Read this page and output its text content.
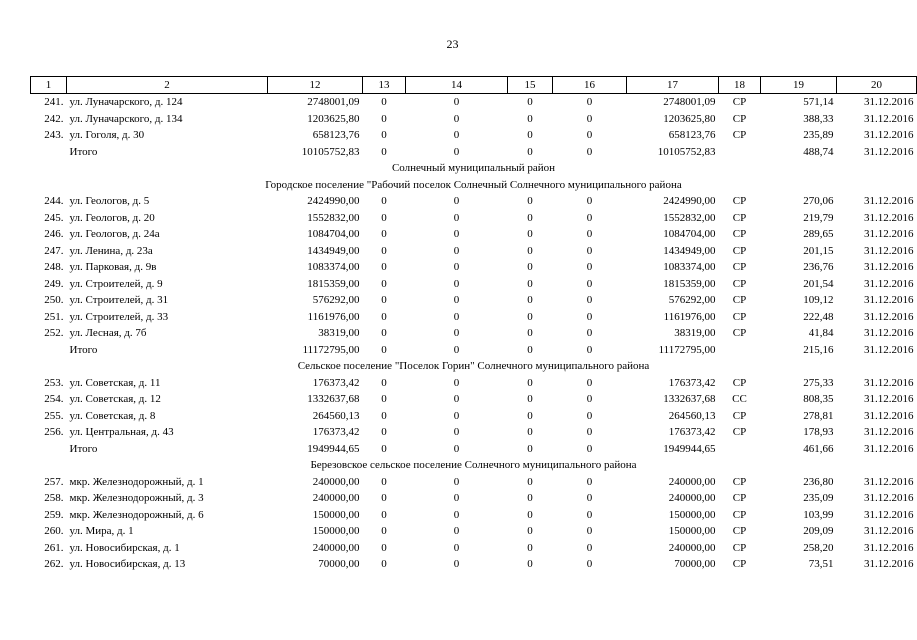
23
1	2	12	13	14	15	16	17	18	19	20
241.	ул. Луначарского, д. 124	2748001,09	0	0	0	0	2748001,09	СР	571,14	31.12.2016
242.	ул. Луначарского, д. 134	1203625,80	0	0	0	0	1203625,80	СР	388,33	31.12.2016
243.	ул. Гоголя, д. 30	658123,76	0	0	0	0	658123,76	СР	235,89	31.12.2016
	Итого	10105752,83	0	0	0	0	10105752,83		488,74	31.12.2016
Солнечный муниципальный район										
Городское поселение "Рабочий поселок Солнечный Солнечного муниципального района										
244.	ул. Геологов, д. 5	2424990,00	0	0	0	0	2424990,00	СР	270,06	31.12.2016
245.	ул. Геологов, д. 20	1552832,00	0	0	0	0	1552832,00	СР	219,79	31.12.2016
246.	ул. Геологов, д. 24а	1084704,00	0	0	0	0	1084704,00	СР	289,65	31.12.2016
247.	ул. Ленина, д. 23а	1434949,00	0	0	0	0	1434949,00	СР	201,15	31.12.2016
248.	ул. Парковая, д. 9в	1083374,00	0	0	0	0	1083374,00	СР	236,76	31.12.2016
249.	ул. Строителей, д. 9	1815359,00	0	0	0	0	1815359,00	СР	201,54	31.12.2016
250.	ул. Строителей, д. 31	576292,00	0	0	0	0	576292,00	СР	109,12	31.12.2016
251.	ул. Строителей, д. 33	1161976,00	0	0	0	0	1161976,00	СР	222,48	31.12.2016
252.	ул. Лесная, д. 7б	38319,00	0	0	0	0	38319,00	СР	41,84	31.12.2016
	Итого	11172795,00	0	0	0	0	11172795,00		215,16	31.12.2016
Сельское поселение "Поселок Горин" Солнечного муниципального района										
253.	ул. Советская, д. 11	176373,42	0	0	0	0	176373,42	СР	275,33	31.12.2016
254.	ул. Советская, д. 12	1332637,68	0	0	0	0	1332637,68	СС	808,35	31.12.2016
255.	ул. Советская, д. 8	264560,13	0	0	0	0	264560,13	СР	278,81	31.12.2016
256.	ул. Центральная, д. 43	176373,42	0	0	0	0	176373,42	СР	178,93	31.12.2016
	Итого	1949944,65	0	0	0	0	1949944,65		461,66	31.12.2016
Березовское сельское поселение Солнечного муниципального района										
257.	мкр. Железнодорожный, д. 1	240000,00	0	0	0	0	240000,00	СР	236,80	31.12.2016
258.	мкр. Железнодорожный, д. 3	240000,00	0	0	0	0	240000,00	СР	235,09	31.12.2016
259.	мкр. Железнодорожный, д. 6	150000,00	0	0	0	0	150000,00	СР	103,99	31.12.2016
260.	ул. Мира, д. 1	150000,00	0	0	0	0	150000,00	СР	209,09	31.12.2016
261.	ул. Новосибирская, д. 1	240000,00	0	0	0	0	240000,00	СР	258,20	31.12.2016
262.	ул. Новосибирская, д. 13	70000,00	0	0	0	0	70000,00	СР	73,51	31.12.2016
